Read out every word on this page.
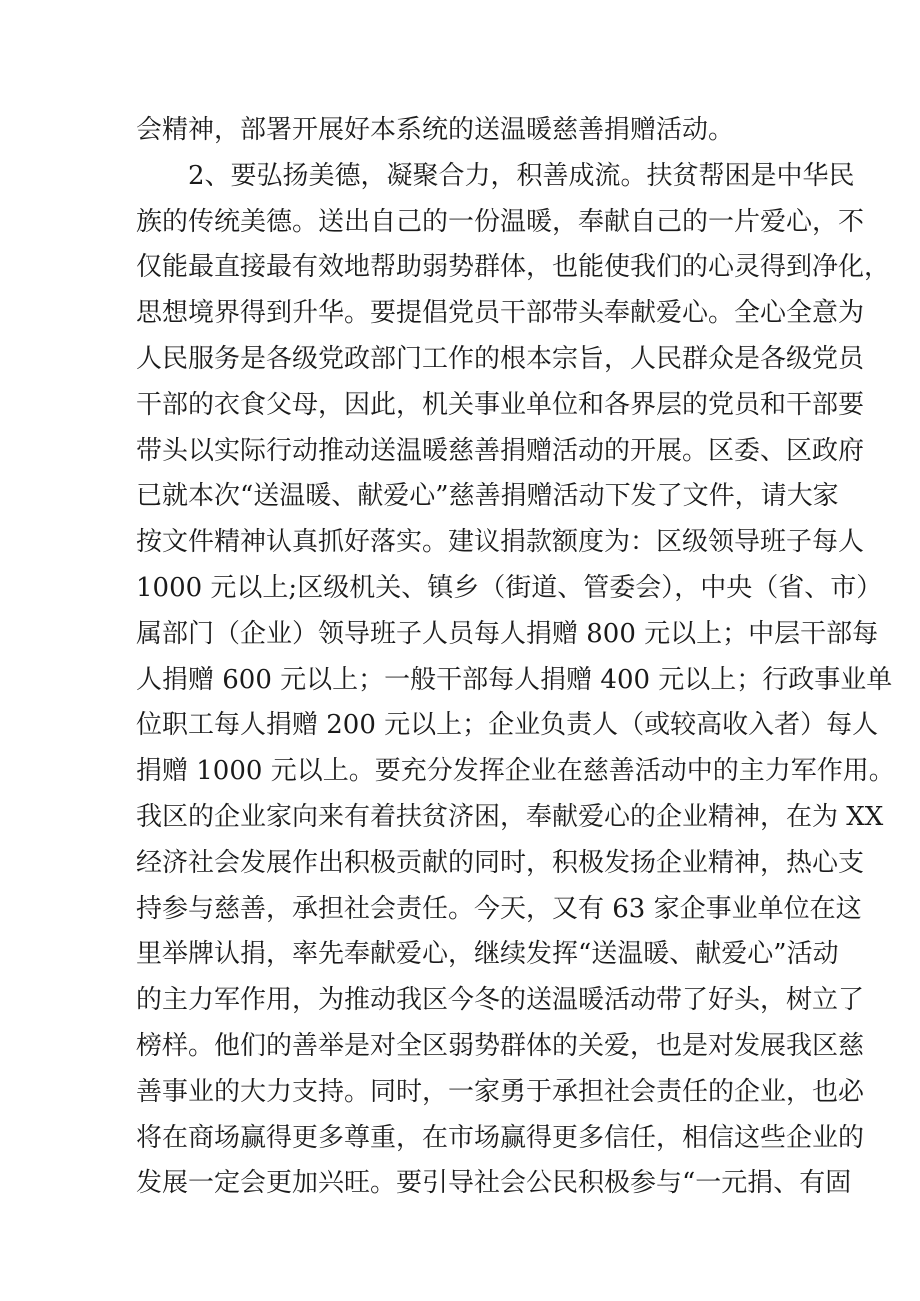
会精神，部署开展好本系统的送温暖慈善捐赠活动。
2、要弘扬美德，凝聚合力，积善成流。扶贫帮困是中华民
族的传统美德。送出自己的一份温暖，奉献自己的一片爱心，不
仅能最直接最有效地帮助弱势群体，也能使我们的心灵得到净化，
思想境界得到升华。要提倡党员干部带头奉献爱心。全心全意为
人民服务是各级党政部门工作的根本宗旨，人民群众是各级党员
干部的衣食父母，因此，机关事业单位和各界层的党员和干部要
带头以实际行动推动送温暖慈善捐赠活动的开展。区委、区政府
已就本次“送温暖、献爱心”慈善捐赠活动下发了文件，请大家
按文件精神认真抓好落实。建议捐款额度为：区级领导班子每人
1000 元以上;区级机关、镇乡（街道、管委会），中央（省、市）
属部门（企业）领导班子人员每人捐赠 800 元以上；中层干部每
人捐赠 600 元以上；一般干部每人捐赠 400 元以上；行政事业单
位职工每人捐赠 200 元以上；企业负责人（或较高收入者）每人
捐赠 1000 元以上。要充分发挥企业在慈善活动中的主力军作用。
我区的企业家向来有着扶贫济困，奉献爱心的企业精神，在为 XX
经济社会发展作出积极贡献的同时，积极发扬企业精神，热心支
持参与慈善，承担社会责任。今天，又有 63 家企事业单位在这
里举牌认捐，率先奉献爱心，继续发挥“送温暖、献爱心”活动
的主力军作用，为推动我区今冬的送温暖活动带了好头，树立了
榜样。他们的善举是对全区弱势群体的关爱，也是对发展我区慈
善事业的大力支持。同时，一家勇于承担社会责任的企业，也必
将在商场赢得更多尊重，在市场赢得更多信任，相信这些企业的
发展一定会更加兴旺。要引导社会公民积极参与“一元捐、有固
